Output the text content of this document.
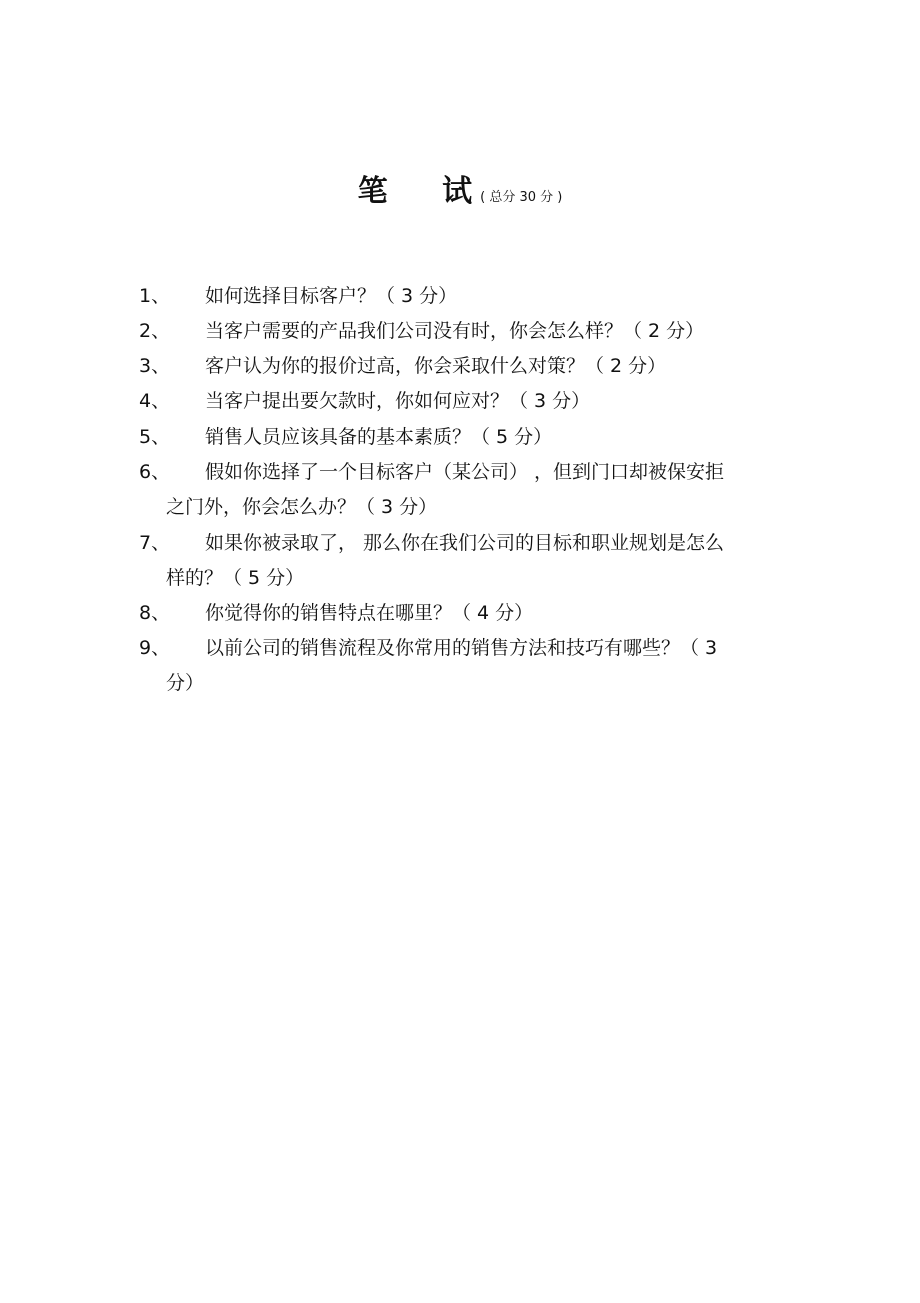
笔 试( 总分 30 分 )
1、	如何选择目标客户？（ 3 分）
2、	当客户需要的产品我们公司没有时，你会怎么样？（ 2 分）
3、	客户认为你的报价过高，你会采取什么对策？（ 2 分）
4、	当客户提出要欠款时，你如何应对？（ 3 分）
5、	销售人员应该具备的基本素质？（ 5 分）
6、	假如你选择了一个目标客户（某公司） ，但到门口却被保安拒
之门外，你会怎么办？（ 3 分）
7、	如果你被录取了， 那么你在我们公司的目标和职业规划是怎么
样的？（ 5 分）
8、	你觉得你的销售特点在哪里？（ 4 分）
9、	以前公司的销售流程及你常用的销售方法和技巧有哪些？（ 3
分）
